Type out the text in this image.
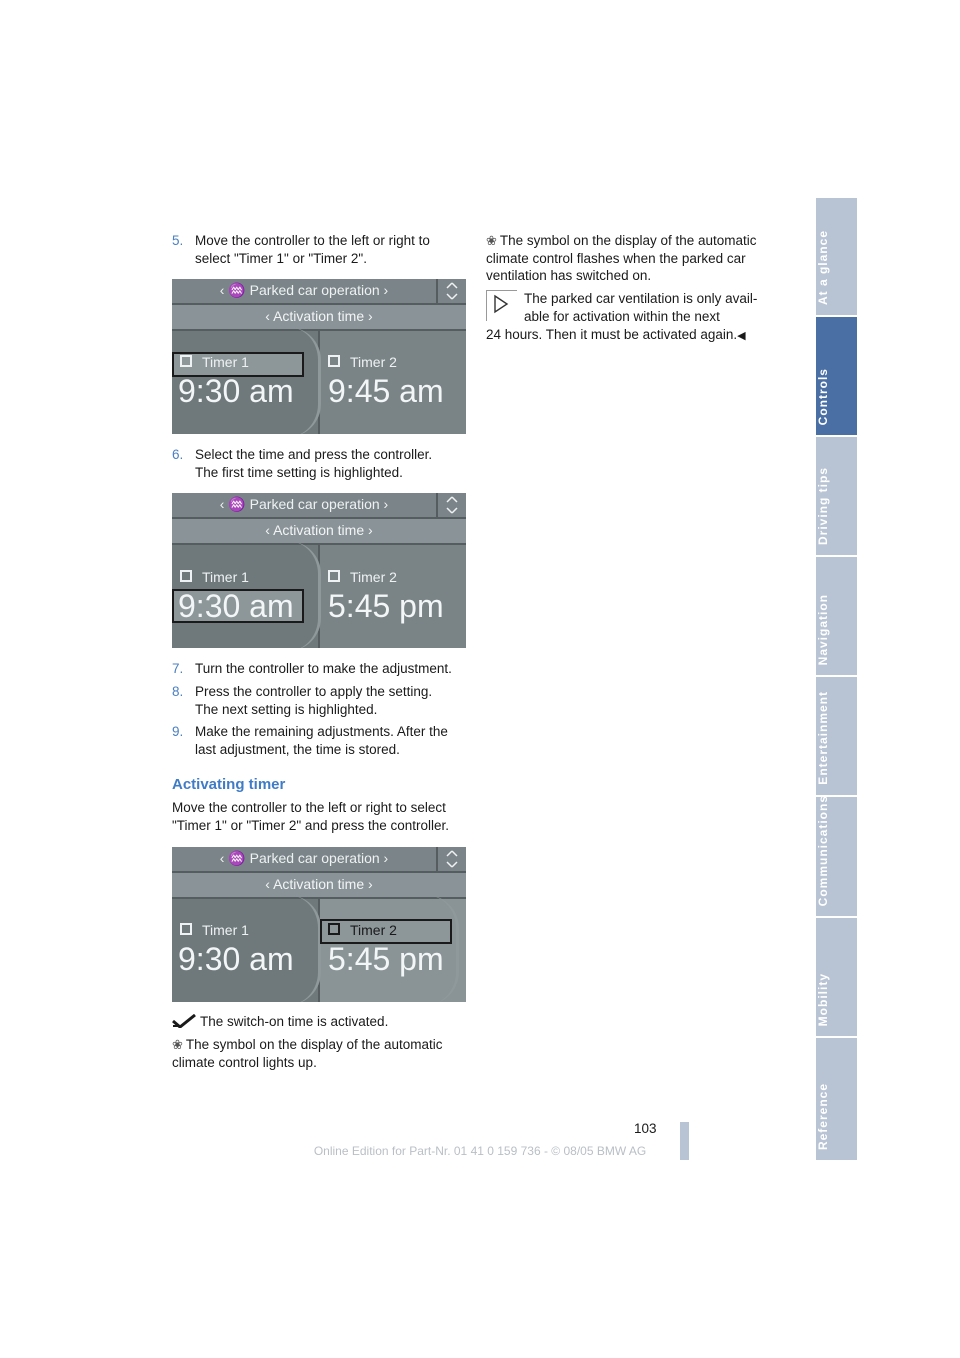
5. Move the controller to the left or right to
select "Timer 1" or "Timer 2".
‹ ♒ Parked car operation ›
‹ Activation time ›
Timer 1
9:30 am
Timer 2
9:45 am
6. Select the time and press the controller.
The first time setting is highlighted.
‹ ♒ Parked car operation ›
‹ Activation time ›
Timer 1
9:30 am
Timer 2
5:45 pm
7. Turn the controller to make the adjustment.
8. Press the controller to apply the setting.
The next setting is highlighted.
9. Make the remaining adjustments. After the
last adjustment, the time is stored.
Activating timer
Move the controller to the left or right to select
"Timer 1" or "Timer 2" and press the controller.
‹ ♒ Parked car operation ›
‹ Activation time ›
Timer 1
9:30 am
Timer 2
5:45 pm
The switch-on time is activated.
❀ The symbol on the display of the automatic
climate control lights up.
❀ The symbol on the display of the automatic
climate control flashes when the parked car
ventilation has switched on.
The parked car ventilation is only avail-
able for activation within the next
24 hours. Then it must be activated again.◀
At a glance
Controls
Driving tips
Navigation
Entertainment
Communications
Mobility
Reference
103
Online Edition for Part-Nr. 01 41 0 159 736 - © 08/05 BMW AG
